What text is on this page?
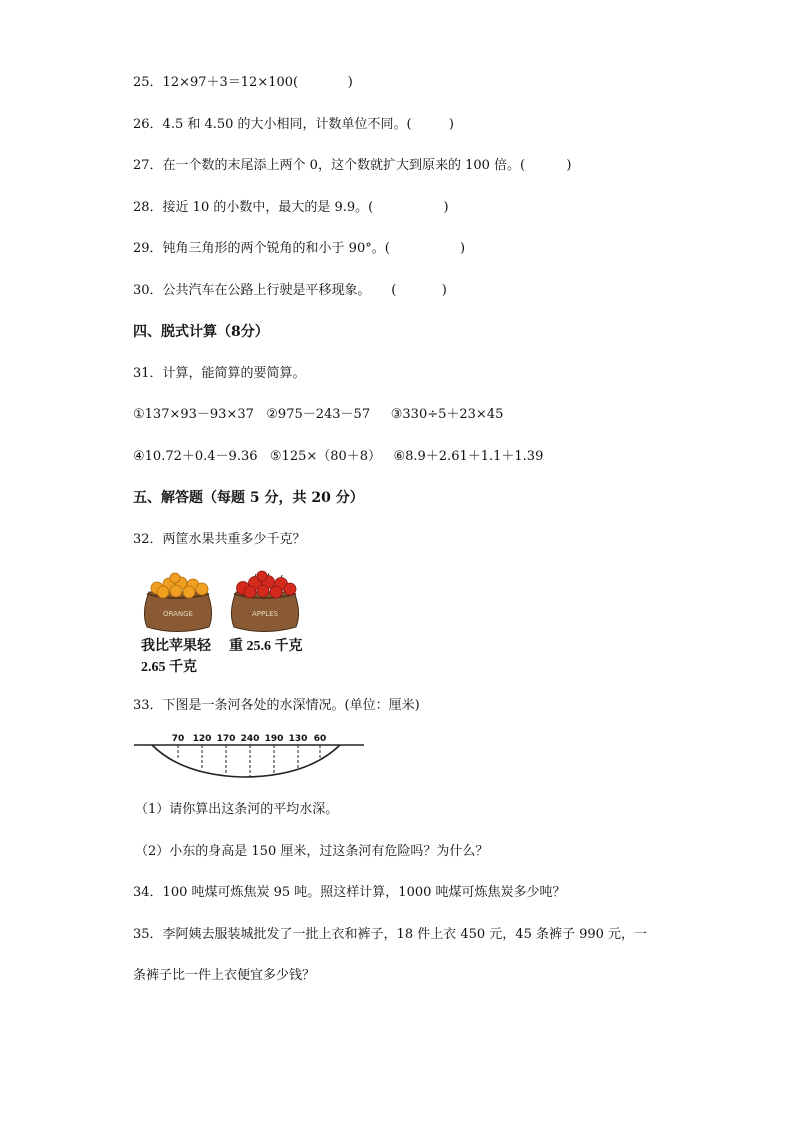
25．12×97＋3＝12×100(            )
26．4.5 和 4.50 的大小相同，计数单位不同。(         )
27．在一个数的末尾添上两个 0，这个数就扩大到原来的 100 倍。(          )
28．接近 10 的小数中，最大的是 9.9。(                 )
29．钝角三角形的两个锐角的和小于 90°。(                 )
30．公共汽车在公路上行驶是平移现象。     (           )
四、脱式计算（8分）
31．计算，能简算的要简算。
①137×93－93×37   ②975－243－57     ③330÷5＋23×45
④10.72＋0.4－9.36   ⑤125×（80＋8）   ⑥8.9＋2.61＋1.1＋1.39
五、解答题（每题 5 分，共 20 分）
32．两筐水果共重多少千克？
ORANGE	APPLES
我比苹果轻
2.65 千克
重 25.6 千克
33．下图是一条河各处的水深情况。(单位：厘米)
70 120 170 240 190 130 60
（1）请你算出这条河的平均水深。
（2）小东的身高是 150 厘米，过这条河有危险吗？为什么？
34．100 吨煤可炼焦炭 95 吨。照这样计算，1000 吨煤可炼焦炭多少吨？
35．李阿姨去服装城批发了一批上衣和裤子，18 件上衣 450 元，45 条裤子 990 元，一
条裤子比一件上衣便宜多少钱？
